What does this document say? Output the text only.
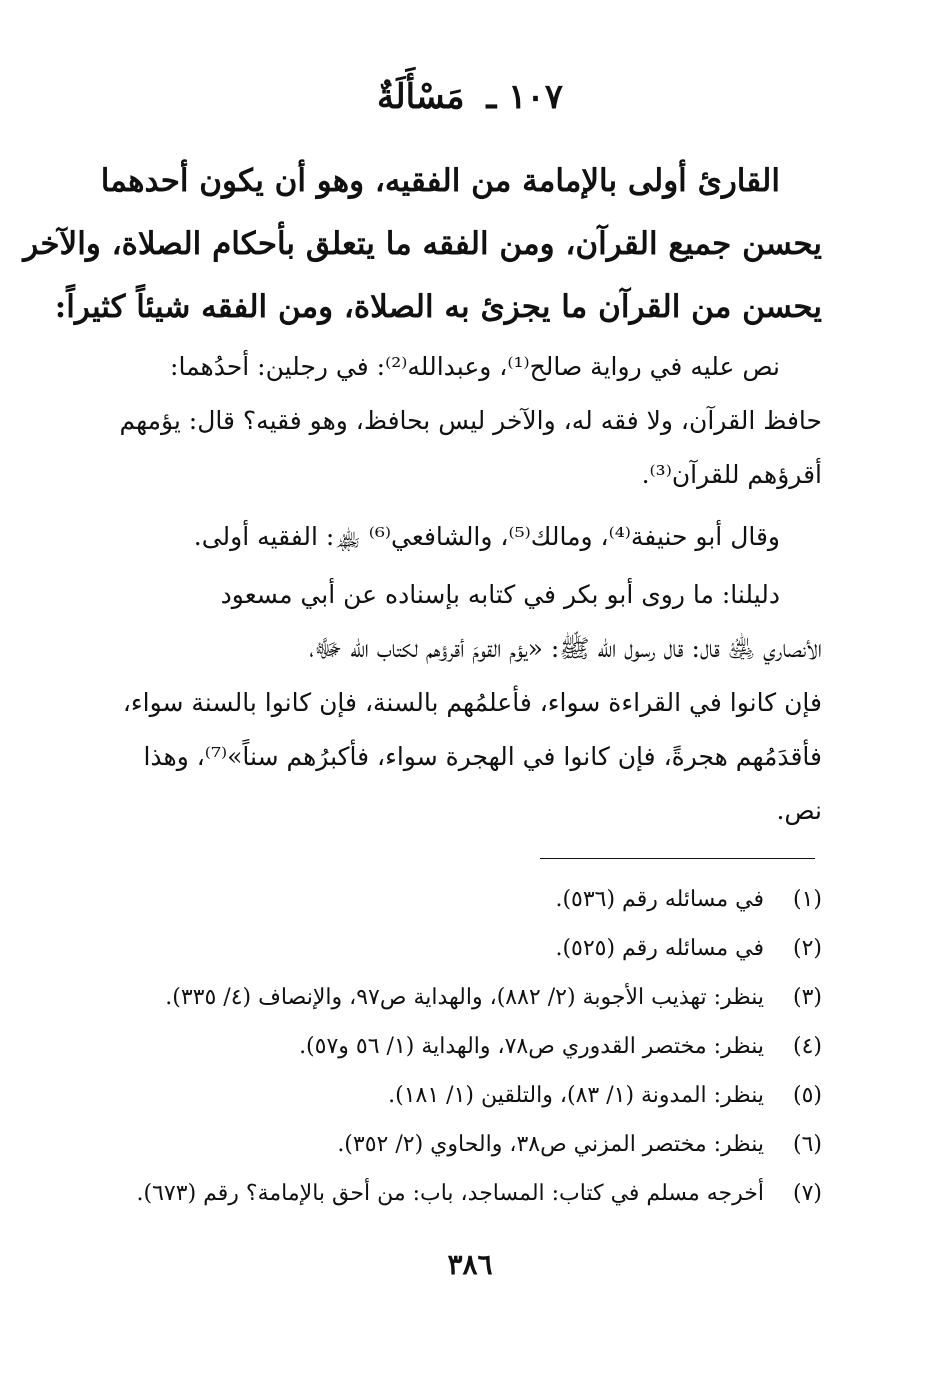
١٠٧ ـ مَسْأَلَةٌ
القارئ أولى بالإمامة من الفقيه، وهو أن يكون أحدهما
يحسن جميع القرآن، ومن الفقه ما يتعلق بأحكام الصلاة، والآخر
يحسن من القرآن ما يجزئ به الصلاة، ومن الفقه شيئاً كثيراً:
نص عليه في رواية صالح⁽¹⁾، وعبدالله⁽²⁾: في رجلين: أحدُهما:
حافظ القرآن، ولا فقه له، والآخر ليس بحافظ، وهو فقيه؟ قال: يؤمهم
أقرؤهم للقرآن⁽³⁾.
وقال أبو حنيفة⁽⁴⁾، ومالك⁽⁵⁾، والشافعي⁽⁶⁾ ﵏: الفقيه أولى.
دليلنا: ما روى أبو بكر في كتابه بإسناده عن أبي مسعود
الأنصاري ﵁ قال: قال رسول الله ﷺ: «يؤم القومَ أقرؤهم لكتاب الله ﷻ،
فإن كانوا في القراءة سواء، فأعلمُهم بالسنة، فإن كانوا بالسنة سواء،
فأقدَمُهم هجرةً، فإن كانوا في الهجرة سواء، فأكبرُهم سناً»⁽⁷⁾، وهذا
نص.
(١)
في مسائله رقم (٥٣٦).
(٢)
في مسائله رقم (٥٢٥).
(٣)
ينظر: تهذيب الأجوبة (٢/ ٨٨٢)، والهداية ص٩٧، والإنصاف (٤/ ٣٣٥).
(٤)
ينظر: مختصر القدوري ص٧٨، والهداية (١/ ٥٦ و٥٧).
(٥)
ينظر: المدونة (١/ ٨٣)، والتلقين (١/ ١٨١).
(٦)
ينظر: مختصر المزني ص٣٨، والحاوي (٢/ ٣٥٢).
(٧)
أخرجه مسلم في كتاب: المساجد، باب: من أحق بالإمامة؟ رقم (٦٧٣).
٣٨٦
